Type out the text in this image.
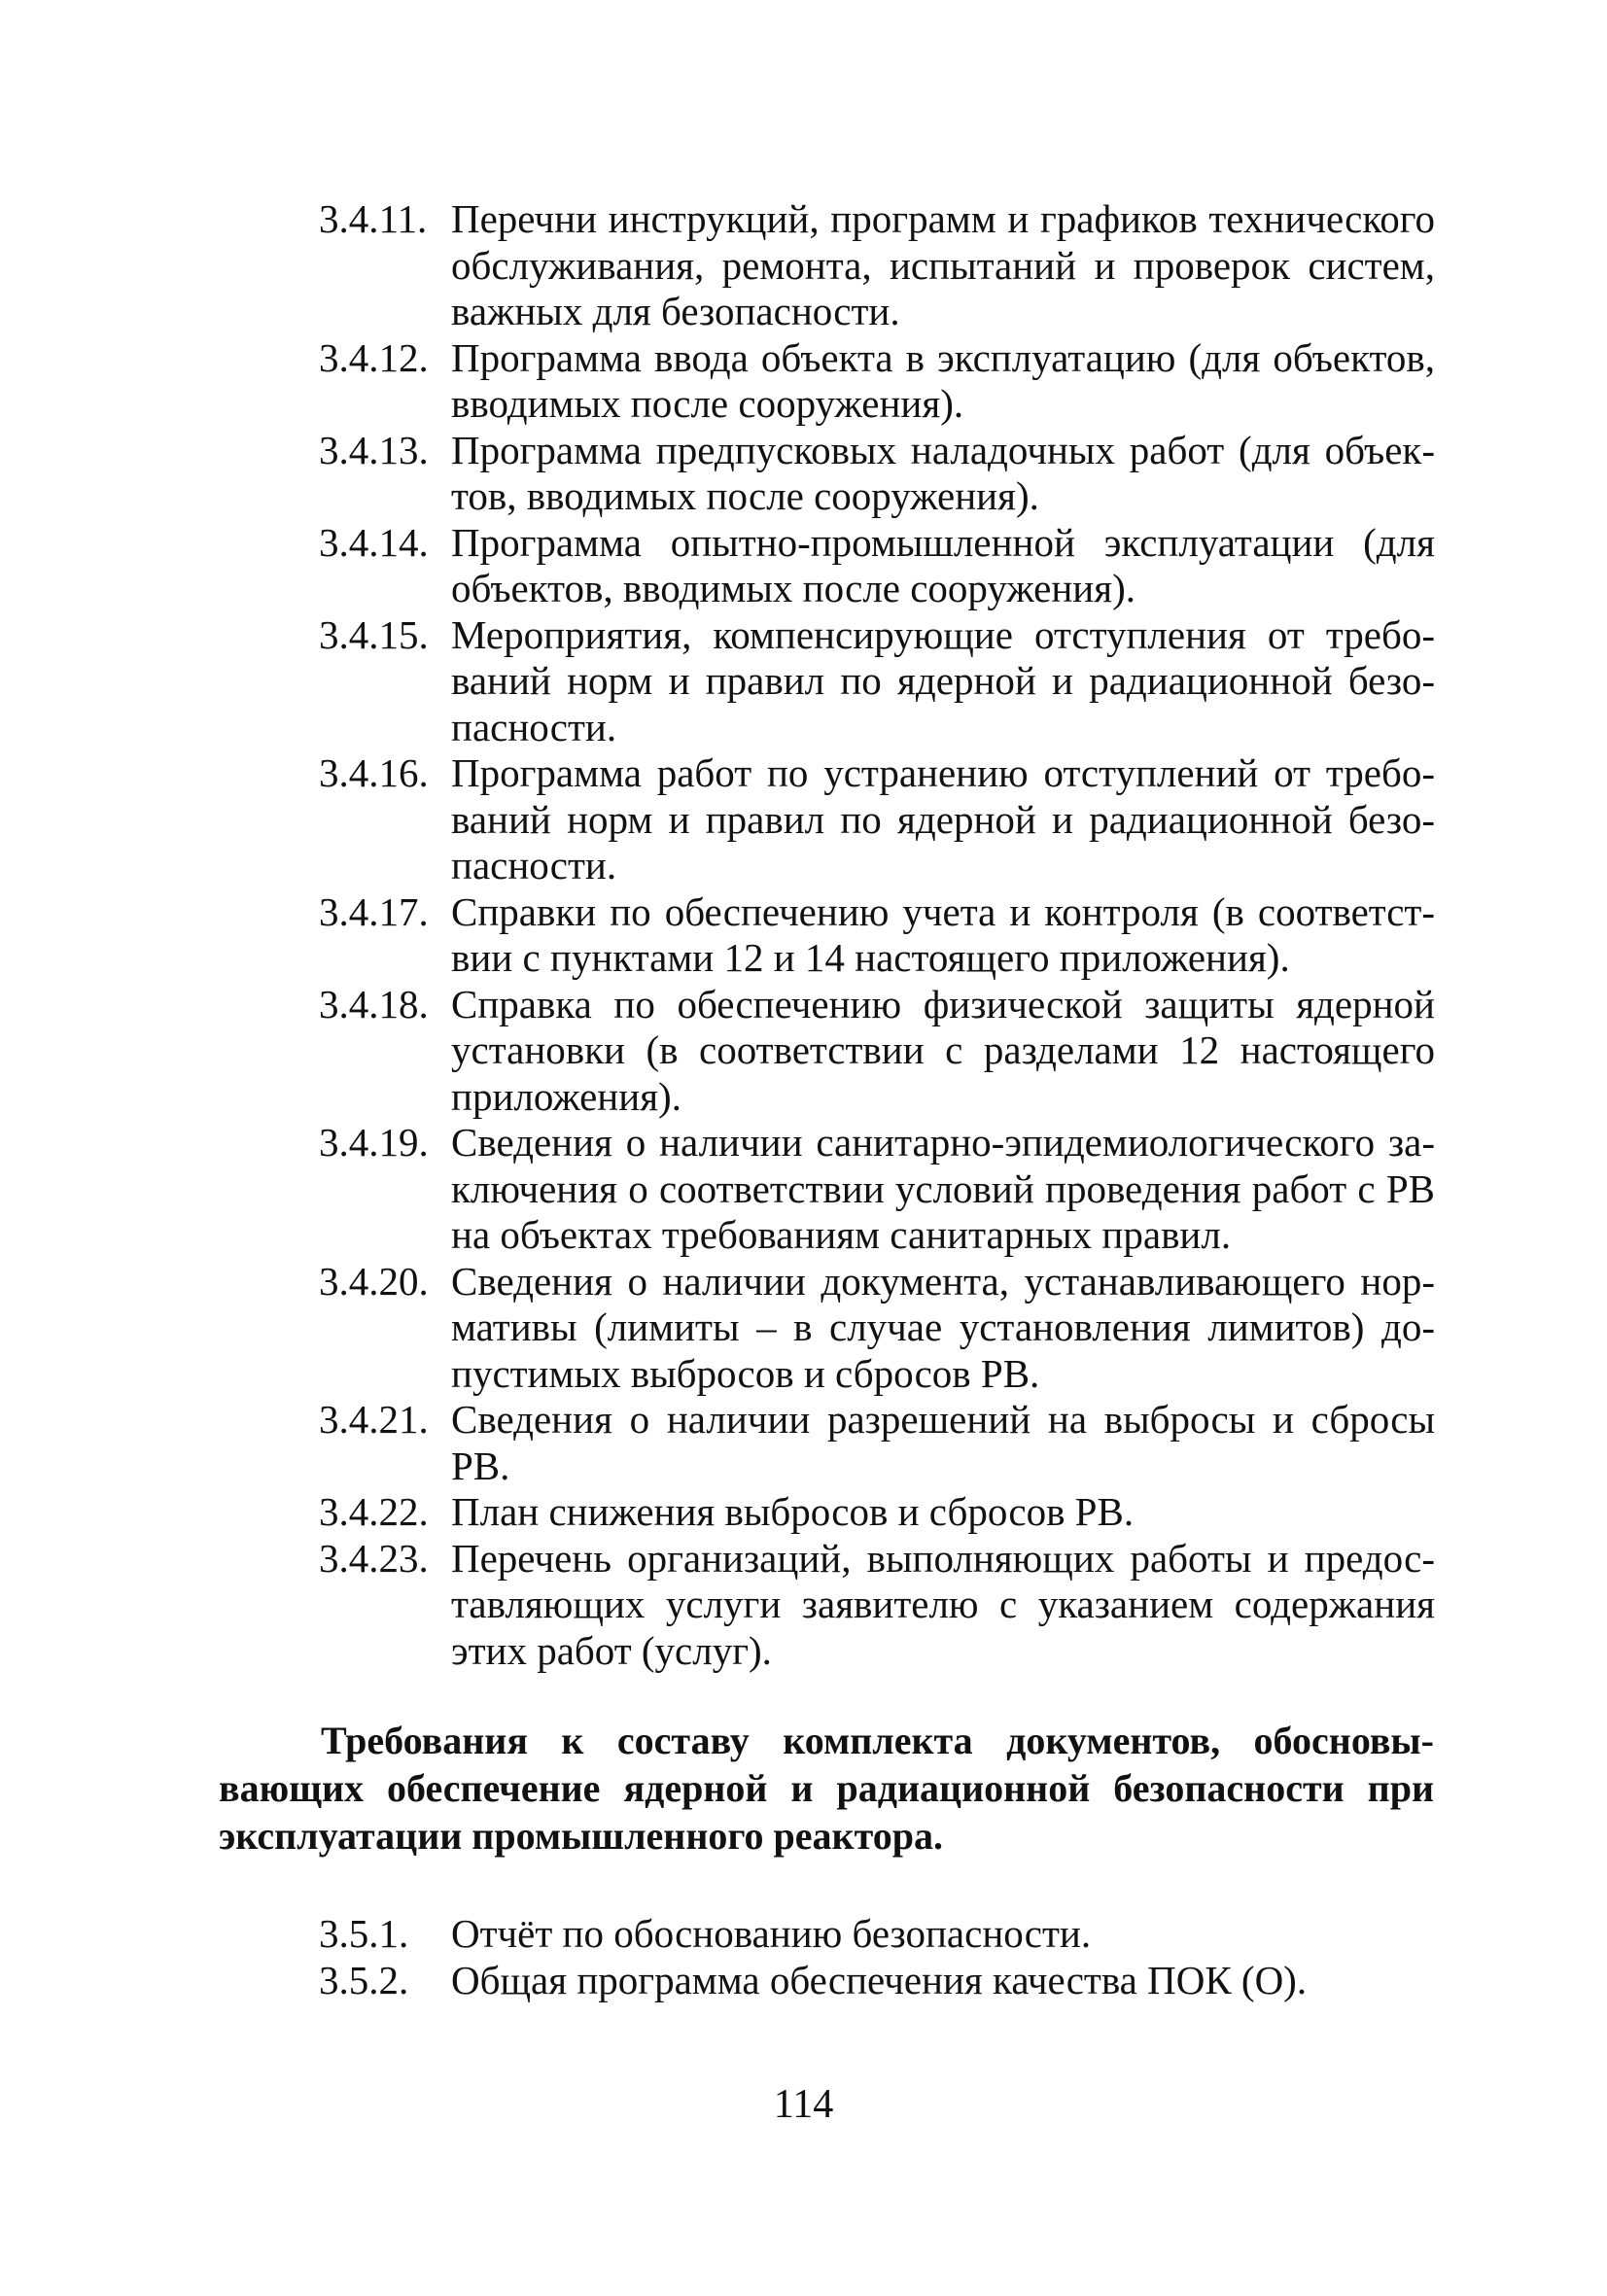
3.4.11. Перечни инструкций, программ и графиков технического обслуживания, ремонта, испытаний и проверок систем, важных для безопасности.
3.4.12. Программа ввода объекта в эксплуатацию (для объектов, вводимых после сооружения).
3.4.13. Программа предпусковых наладочных работ (для объектов, вводимых после сооружения).
3.4.14. Программа опытно-промышленной эксплуатации (для объектов, вводимых после сооружения).
3.4.15. Мероприятия, компенсирующие отступления от требований норм и правил по ядерной и радиационной безопасности.
3.4.16. Программа работ по устранению отступлений от требований норм и правил по ядерной и радиационной безопасности.
3.4.17. Справки по обеспечению учета и контроля (в соответствии с пунктами 12 и 14 настоящего приложения).
3.4.18. Справка по обеспечению физической защиты ядерной установки (в соответствии с разделами 12 настоящего приложения).
3.4.19. Сведения о наличии санитарно-эпидемиологического заключения о соответствии условий проведения работ с РВ на объектах требованиям санитарных правил.
3.4.20. Сведения о наличии документа, устанавливающего нормативы (лимиты – в случае установления лимитов) допустимых выбросов и сбросов РВ.
3.4.21. Сведения о наличии разрешений на выбросы и сбросы РВ.
3.4.22. План снижения выбросов и сбросов РВ.
3.4.23. Перечень организаций, выполняющих работы и предоставляющих услуги заявителю с указанием содержания этих работ (услуг).
Требования к составу комплекта документов, обосновывающих обеспечение ядерной и радиационной безопасности при эксплуатации промышленного реактора.
3.5.1.	Отчёт по обоснованию безопасности.
3.5.2.	Общая программа обеспечения качества ПОК (О).
114
